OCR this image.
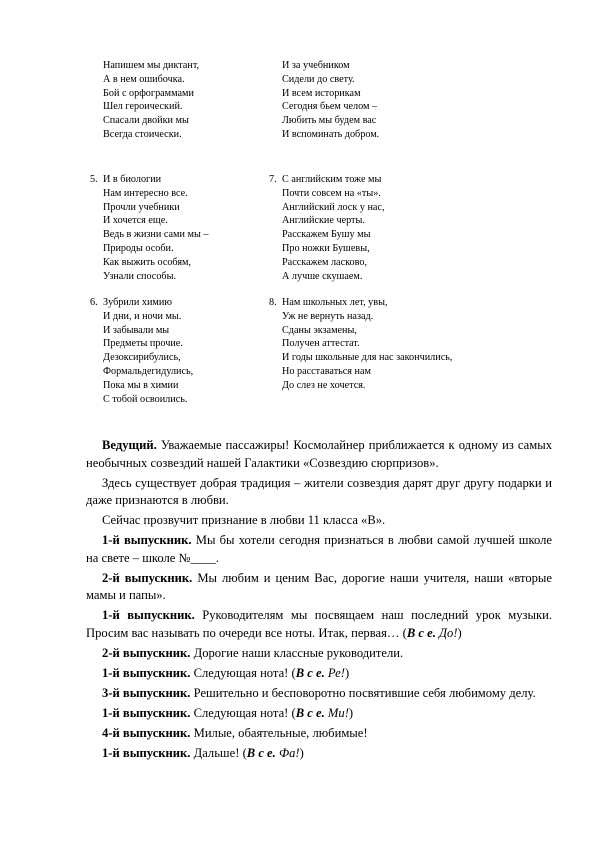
Напишем мы диктант,
А в нем ошибочка.
Бой с орфограммами
Шел героический.
Спасали двойки мы
Всегда стоически.
И за учебником
Сидели до свету.
И всем историкам
Сегодня бьем челом –
Любить мы будем вас
И вспоминать добром.
5. И в биологии
Нам интересно все.
Прочли учебники
И хочется еще.
Ведь в жизни сами мы –
Природы особи.
Как выжить особям,
Узнали способы.
7. С английским тоже мы
Почти совсем на «ты».
Английский лоск у нас,
Английские черты.
Расскажем Бушу мы
Про ножки Бушевы,
Расскажем ласково,
А лучше скушаем.
6. Зубрили химию
И дни, и ночи мы.
И забывали мы
Предметы прочие.
Дезоксирибулись,
Формальдегидулись,
Пока мы в химии
С тобой освоились.
8. Нам школьных лет, увы,
Уж не вернуть назад.
Сданы экзамены,
Получен аттестат.
И годы школьные для нас закончились,
Но расставаться нам
До слез не хочется.

Ведущий. Уважаемые пассажиры! Космолайнер приближается к одному из самых необычных созвездий нашей Галактики «Созвездию сюрпризов».

Здесь существует добрая традиция – жители созвездия дарят друг другу подарки и даже признаются в любви.

Сейчас прозвучит признание в любви 11 класса «В».

1-й выпускник. Мы бы хотели сегодня признаться в любви самой лучшей школе на свете – школе №____.

2-й выпускник. Мы любим и ценим Вас, дорогие наши учителя, наши «вторые мамы и папы».

1-й выпускник. Руководителям мы посвящаем наш последний урок музыки. Просим вас называть по очереди все ноты. Итак, первая… (В с е. До!)

2-й выпускник. Дорогие наши классные руководители.

1-й выпускник. Следующая нота! (В с е. Ре!)

3-й выпускник. Решительно и бесповоротно посвятившие себя любимому делу.

1-й выпускник. Следующая нота! (В с е. Ми!)

4-й выпускник. Милые, обаятельные, любимые!

1-й выпускник. Дальше! (В с е. Фа!)
